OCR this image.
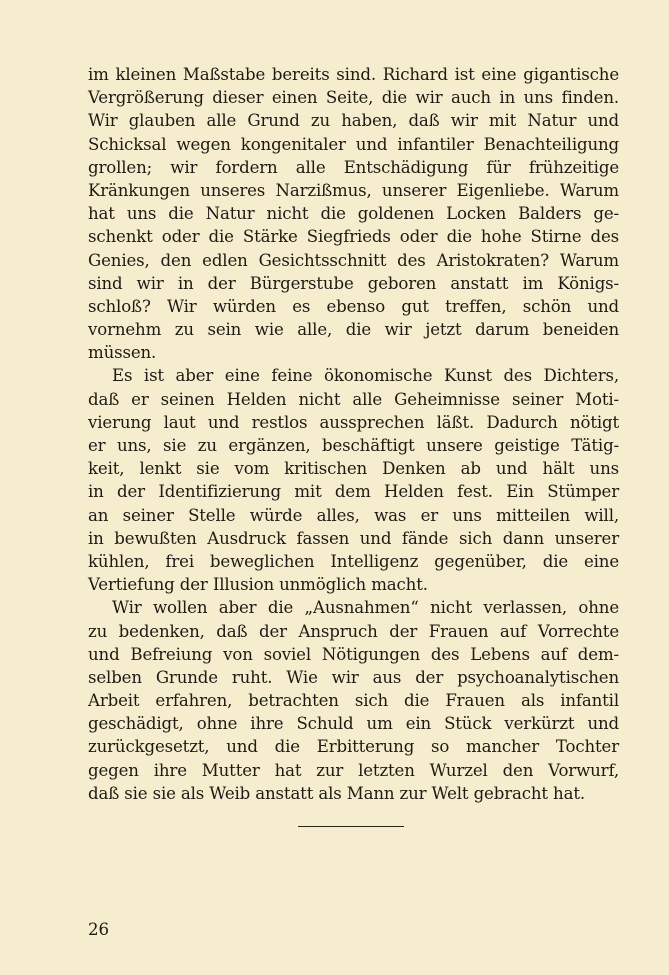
im kleinen Maßstabe bereits sind. Richard ist eine gigantische
Vergrößerung dieser einen Seite, die wir auch in uns finden.
Wir glauben alle Grund zu haben, daß wir mit Natur und
Schicksal wegen kongenitaler und infantiler Benachteiligung
grollen; wir fordern alle Entschädigung für frühzeitige
Kränkungen unseres Narzißmus, unserer Eigenliebe. Warum
hat uns die Natur nicht die goldenen Locken Balders ge-
schenkt oder die Stärke Siegfrieds oder die hohe Stirne des
Genies, den edlen Gesichtsschnitt des Aristokraten? Warum
sind wir in der Bürgerstube geboren anstatt im Königs-
schloß? Wir würden es ebenso gut treffen, schön und
vornehm zu sein wie alle, die wir jetzt darum beneiden
müssen.
Es ist aber eine feine ökonomische Kunst des Dichters,
daß er seinen Helden nicht alle Geheimnisse seiner Moti-
vierung laut und restlos aussprechen läßt. Dadurch nötigt
er uns, sie zu ergänzen, beschäftigt unsere geistige Tätig-
keit, lenkt sie vom kritischen Denken ab und hält uns
in der Identifizierung mit dem Helden fest. Ein Stümper
an seiner Stelle würde alles, was er uns mitteilen will,
in bewußten Ausdruck fassen und fände sich dann unserer
kühlen, frei beweglichen Intelligenz gegenüber, die eine
Vertiefung der Illusion unmöglich macht.
Wir wollen aber die „Ausnahmen“ nicht verlassen, ohne
zu bedenken, daß der Anspruch der Frauen auf Vorrechte
und Befreiung von soviel Nötigungen des Lebens auf dem-
selben Grunde ruht. Wie wir aus der psychoanalytischen
Arbeit erfahren, betrachten sich die Frauen als infantil
geschädigt, ohne ihre Schuld um ein Stück verkürzt und
zurückgesetzt, und die Erbitterung so mancher Tochter
gegen ihre Mutter hat zur letzten Wurzel den Vorwurf,
daß sie sie als Weib anstatt als Mann zur Welt gebracht hat.
26
